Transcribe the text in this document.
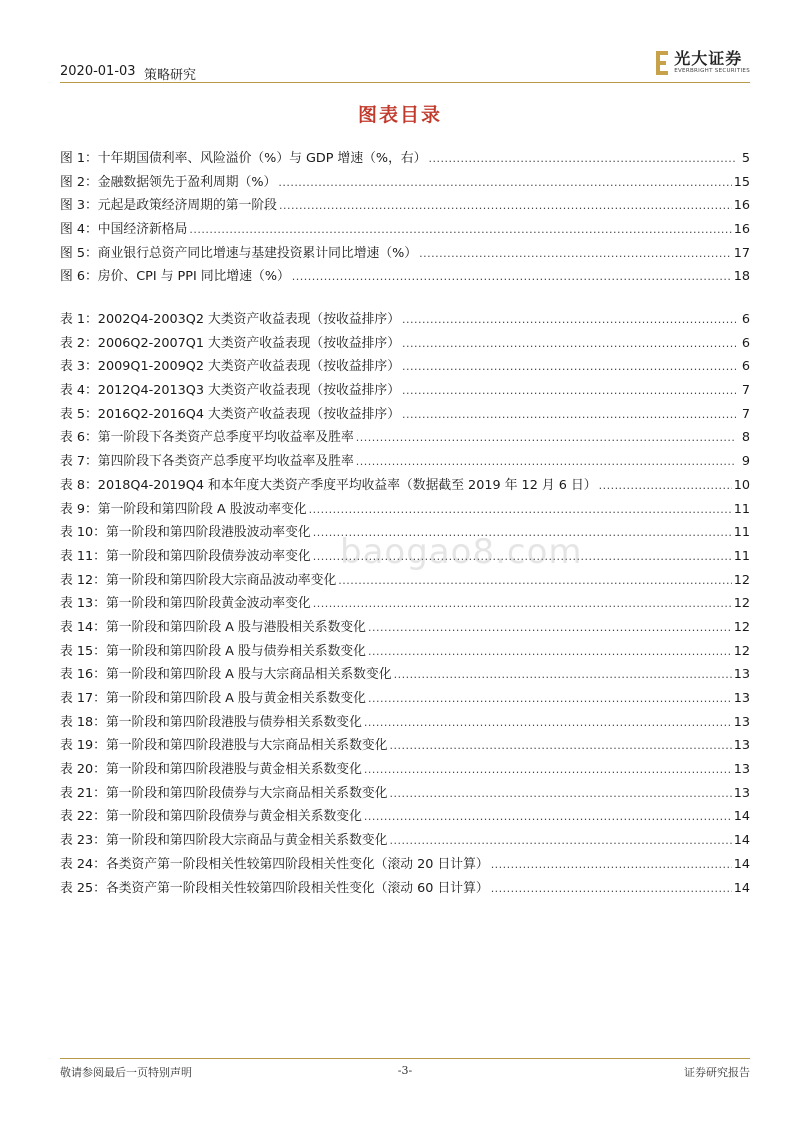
2020-01-03 策略研究
光大证券
EVERBRIGHT SECURITIES
图表目录
图 1：十年期国债利率、风险溢价（%）与 GDP 增速（%，右） .....	5
图 2：金融数据领先于盈利周期（%） .....	15
图 3：元起是政策经济周期的第一阶段 .....	16
图 4：中国经济新格局 .....	16
图 5：商业银行总资产同比增速与基建投资累计同比增速（%） .....	17
图 6：房价、CPI 与 PPI 同比增速（%） .....	18
表 1：2002Q4-2003Q2 大类资产收益表现（按收益排序） .....	6
表 2：2006Q2-2007Q1 大类资产收益表现（按收益排序） .....	6
表 3：2009Q1-2009Q2 大类资产收益表现（按收益排序） .....	6
表 4：2012Q4-2013Q3 大类资产收益表现（按收益排序） .....	7
表 5：2016Q2-2016Q4 大类资产收益表现（按收益排序） .....	7
表 6：第一阶段下各类资产总季度平均收益率及胜率 .....	8
表 7：第四阶段下各类资产总季度平均收益率及胜率 .....	9
表 8：2018Q4-2019Q4 和本年度大类资产季度平均收益率（数据截至 2019 年 12 月 6 日） .....	10
表 9：第一阶段和第四阶段 A 股波动率变化 .....	11
表 10：第一阶段和第四阶段港股波动率变化 .....	11
表 11：第一阶段和第四阶段债券波动率变化 .....	11
表 12：第一阶段和第四阶段大宗商品波动率变化 .....	12
表 13：第一阶段和第四阶段黄金波动率变化 .....	12
表 14：第一阶段和第四阶段 A 股与港股相关系数变化 .....	12
表 15：第一阶段和第四阶段 A 股与债券相关系数变化 .....	12
表 16：第一阶段和第四阶段 A 股与大宗商品相关系数变化 .....	13
表 17：第一阶段和第四阶段 A 股与黄金相关系数变化 .....	13
表 18：第一阶段和第四阶段港股与债券相关系数变化 .....	13
表 19：第一阶段和第四阶段港股与大宗商品相关系数变化 .....	13
表 20：第一阶段和第四阶段港股与黄金相关系数变化 .....	13
表 21：第一阶段和第四阶段债券与大宗商品相关系数变化 .....	13
表 22：第一阶段和第四阶段债券与黄金相关系数变化 .....	14
表 23：第一阶段和第四阶段大宗商品与黄金相关系数变化 .....	14
表 24：各类资产第一阶段相关性较第四阶段相关性变化（滚动 20 日计算） .....	14
表 25：各类资产第一阶段相关性较第四阶段相关性变化（滚动 60 日计算） .....	14
baogao8.com
敬请参阅最后一页特别声明	-3-	证券研究报告
